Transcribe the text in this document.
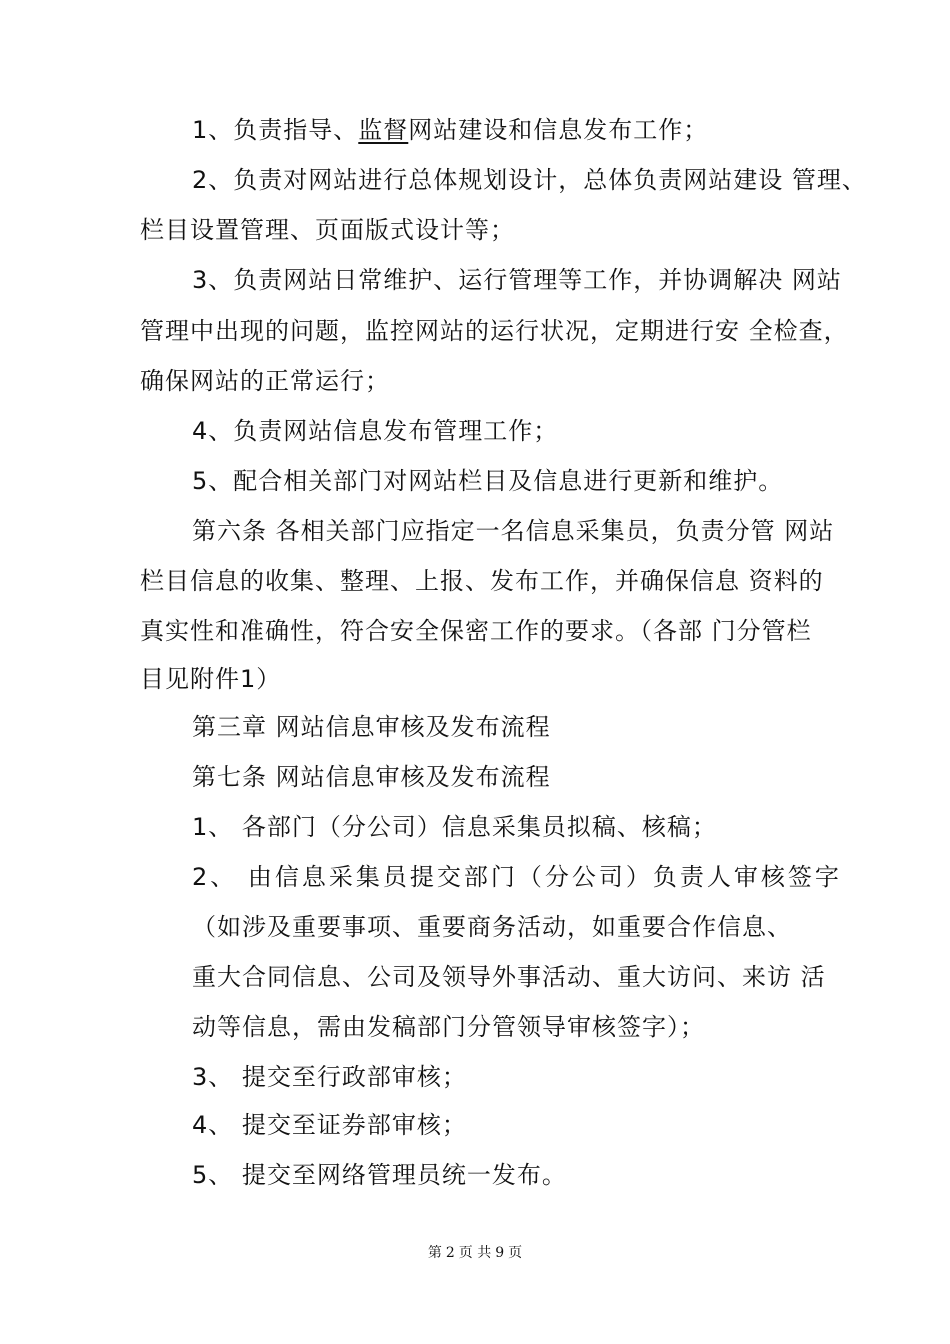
1、负责指导、监督网站建设和信息发布工作；
2、负责对网站进行总体规划设计，总体负责网站建设 管理、
栏目设置管理、页面版式设计等；
3、负责网站日常维护、运行管理等工作，并协调解决 网站
管理中出现的问题，监控网站的运行状况，定期进行安 全检查，
确保网站的正常运行；
4、负责网站信息发布管理工作；
5、配合相关部门对网站栏目及信息进行更新和维护。
第六条 各相关部门应指定一名信息采集员，负责分管 网站
栏目信息的收集、整理、上报、发布工作，并确保信息 资料的
真实性和准确性，符合安全保密工作的要求。（各部 门分管栏
目见附件1）
第三章 网站信息审核及发布流程
第七条 网站信息审核及发布流程
1、 各部门（分公司）信息采集员拟稿、核稿；
2、 由信息采集员提交部门（分公司）负责人审核签字
（如涉及重要事项、重要商务活动，如重要合作信息、
重大合同信息、公司及领导外事活动、重大访问、来访 活
动等信息，需由发稿部门分管领导审核签字）；
3、 提交至行政部审核；
4、 提交至证券部审核；
5、 提交至网络管理员统一发布。
第 2 页 共 9 页
